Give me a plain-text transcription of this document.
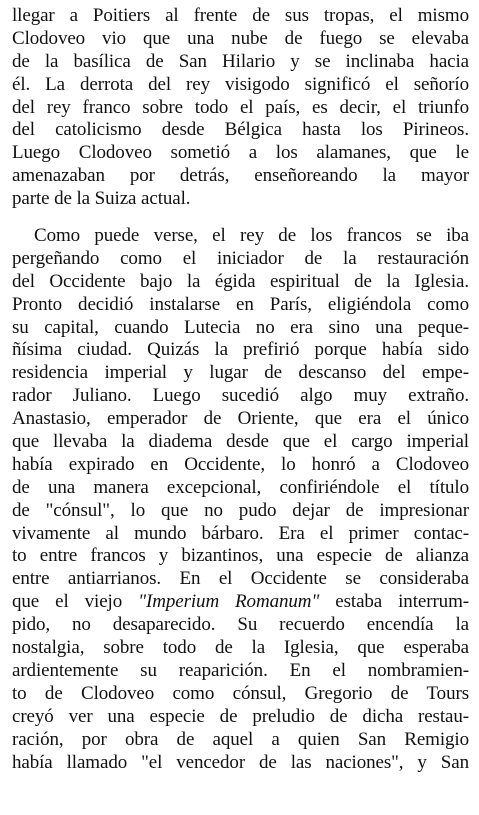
llegar a Poitiers al frente de sus tropas, el mismo
Clodoveo vio que una nube de fuego se elevaba
de la basílica de San Hilario y se inclinaba hacia
él. La derrota del rey visigodo significó el señorío
del rey franco sobre todo el país, es decir, el triunfo
del catolicismo desde Bélgica hasta los Pirineos.
Luego Clodoveo sometió a los alamanes, que le
amenazaban por detrás, enseñoreando la mayor
parte de la Suiza actual.
Como puede verse, el rey de los francos se iba
pergeñando como el iniciador de la restauración
del Occidente bajo la égida espiritual de la Iglesia.
Pronto decidió instalarse en París, eligiéndola como
su capital, cuando Lutecia no era sino una peque-
ñísima ciudad. Quizás la prefirió porque había sido
residencia imperial y lugar de descanso del empe-
rador Juliano. Luego sucedió algo muy extraño.
Anastasio, emperador de Oriente, que era el único
que llevaba la diadema desde que el cargo imperial
había expirado en Occidente, lo honró a Clodoveo
de una manera excepcional, confiriéndole el título
de "cónsul", lo que no pudo dejar de impresionar
vivamente al mundo bárbaro. Era el primer contac-
to entre francos y bizantinos, una especie de alianza
entre antiarrianos. En el Occidente se consideraba
que el viejo "Imperium Romanum" estaba interrum-
pido, no desaparecido. Su recuerdo encendía la
nostalgia, sobre todo de la Iglesia, que esperaba
ardientemente su reaparición. En el nombramien-
to de Clodoveo como cónsul, Gregorio de Tours
creyó ver una especie de preludio de dicha restau-
ración, por obra de aquel a quien San Remigio
había llamado "el vencedor de las naciones", y San
